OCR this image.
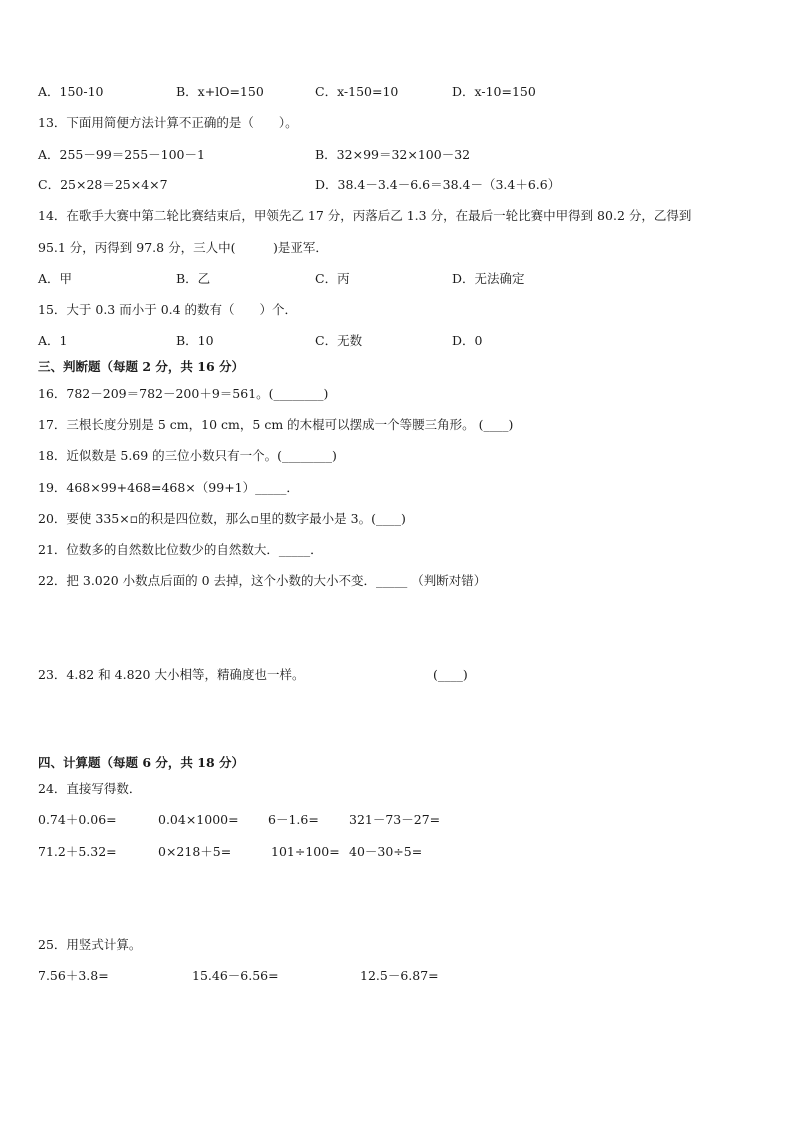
A．150-10	B．x+lO=150	C．x-150=10	D．x-10=150
13．下面用简便方法计算不正确的是（　　）。
A．255－99＝255－100－1	B．32×99＝32×100－32
C．25×28＝25×4×7	D．38.4－3.4－6.6＝38.4－（3.4＋6.6）
14．在歌手大赛中第二轮比赛结束后，甲领先乙 17 分，丙落后乙 1.3 分，在最后一轮比赛中甲得到 80.2 分，乙得到
95.1 分，丙得到 97.8 分，三人中(　　　)是亚军．
A．甲	B．乙	C．丙	D．无法确定
15．大于 0.3 而小于 0.4 的数有（　　）个．
A．1	B．10	C．无数	D．0
三、判断题（每题 2 分，共 16 分）
16．782－209＝782－200＋9＝561。(________)
17．三根长度分别是 5 cm，10 cm，5 cm 的木棍可以摆成一个等腰三角形。 (____)
18．近似数是 5.69 的三位小数只有一个。(________)
19．468×99+468=468×（99+1）_____．
20．要使 335×▫的积是四位数，那么▫里的数字最小是 3。(____)
21．位数多的自然数比位数少的自然数大．_____．
22．把 3.020 小数点后面的 0 去掉，这个小数的大小不变．_____ （判断对错）
23．4.82 和 4.820 大小相等，精确度也一样。	(____)
四、计算题（每题 6 分，共 18 分）
24．直接写得数．
0.74＋0.06=	0.04×1000= 6－1.6= 321－73－27=
71.2＋5.32=	0×218＋5=	101÷100= 40－30÷5=
25．用竖式计算。
7.56＋3.8=	15.46－6.56=	12.5－6.87=
